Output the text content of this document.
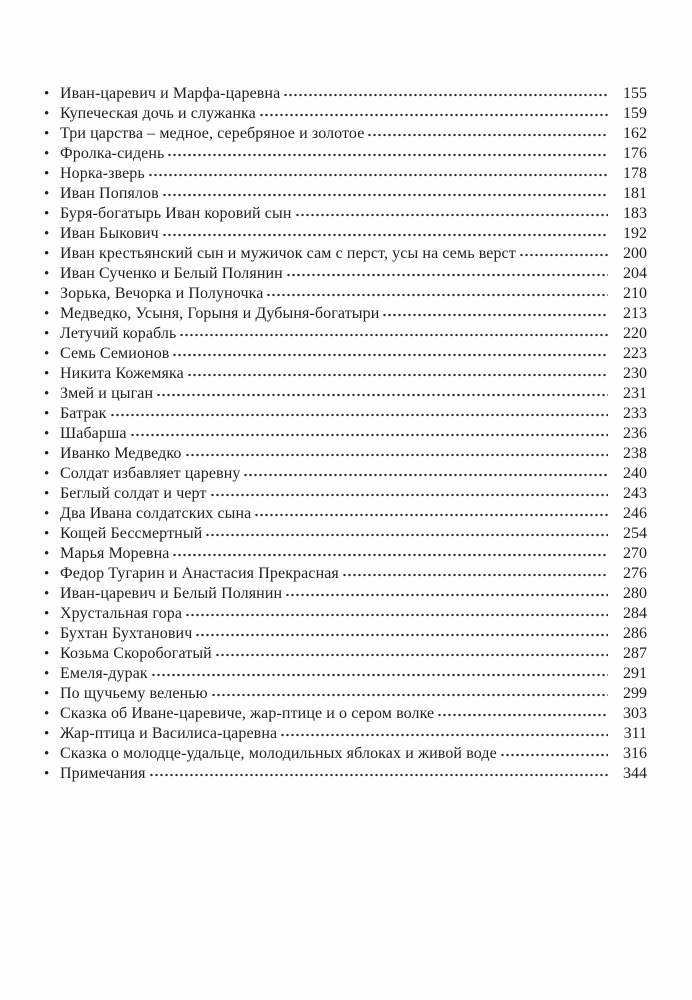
• Иван-царевич и Марфа-царевна	155
• Купеческая дочь и служанка	159
• Три царства – медное, серебряное и золотое	162
• Фролка-сидень	176
• Норка-зверь	178
• Иван Попялов	181
• Буря-богатырь Иван коровий сын	183
• Иван Быкович	192
• Иван крестьянский сын и мужичок сам с перст, усы на семь верст	200
• Иван Сученко и Белый Полянин	204
• Зорька, Вечорка и Полуночка	210
• Медведко, Усыня, Горыня и Дубыня-богатыри	213
• Летучий корабль	220
• Семь Семионов	223
• Никита Кожемяка	230
• Змей и цыган	231
• Батрак	233
• Шабарша	236
• Иванко Медведко	238
• Солдат избавляет царевну	240
• Беглый солдат и черт	243
• Два Ивана солдатских сына	246
• Кощей Бессмертный	254
• Марья Моревна	270
• Федор Тугарин и Анастасия Прекрасная	276
• Иван-царевич и Белый Полянин	280
• Хрустальная гора	284
• Бухтан Бухтанович	286
• Козьма Скоробогатый	287
• Емеля-дурак	291
• По щучьему веленью	299
• Сказка об Иване-царевиче, жар-птице и о сером волке	303
• Жар-птица и Василиса-царевна	311
• Сказка о молодце-удальце, молодильных яблоках и живой воде	316
• Примечания	344
